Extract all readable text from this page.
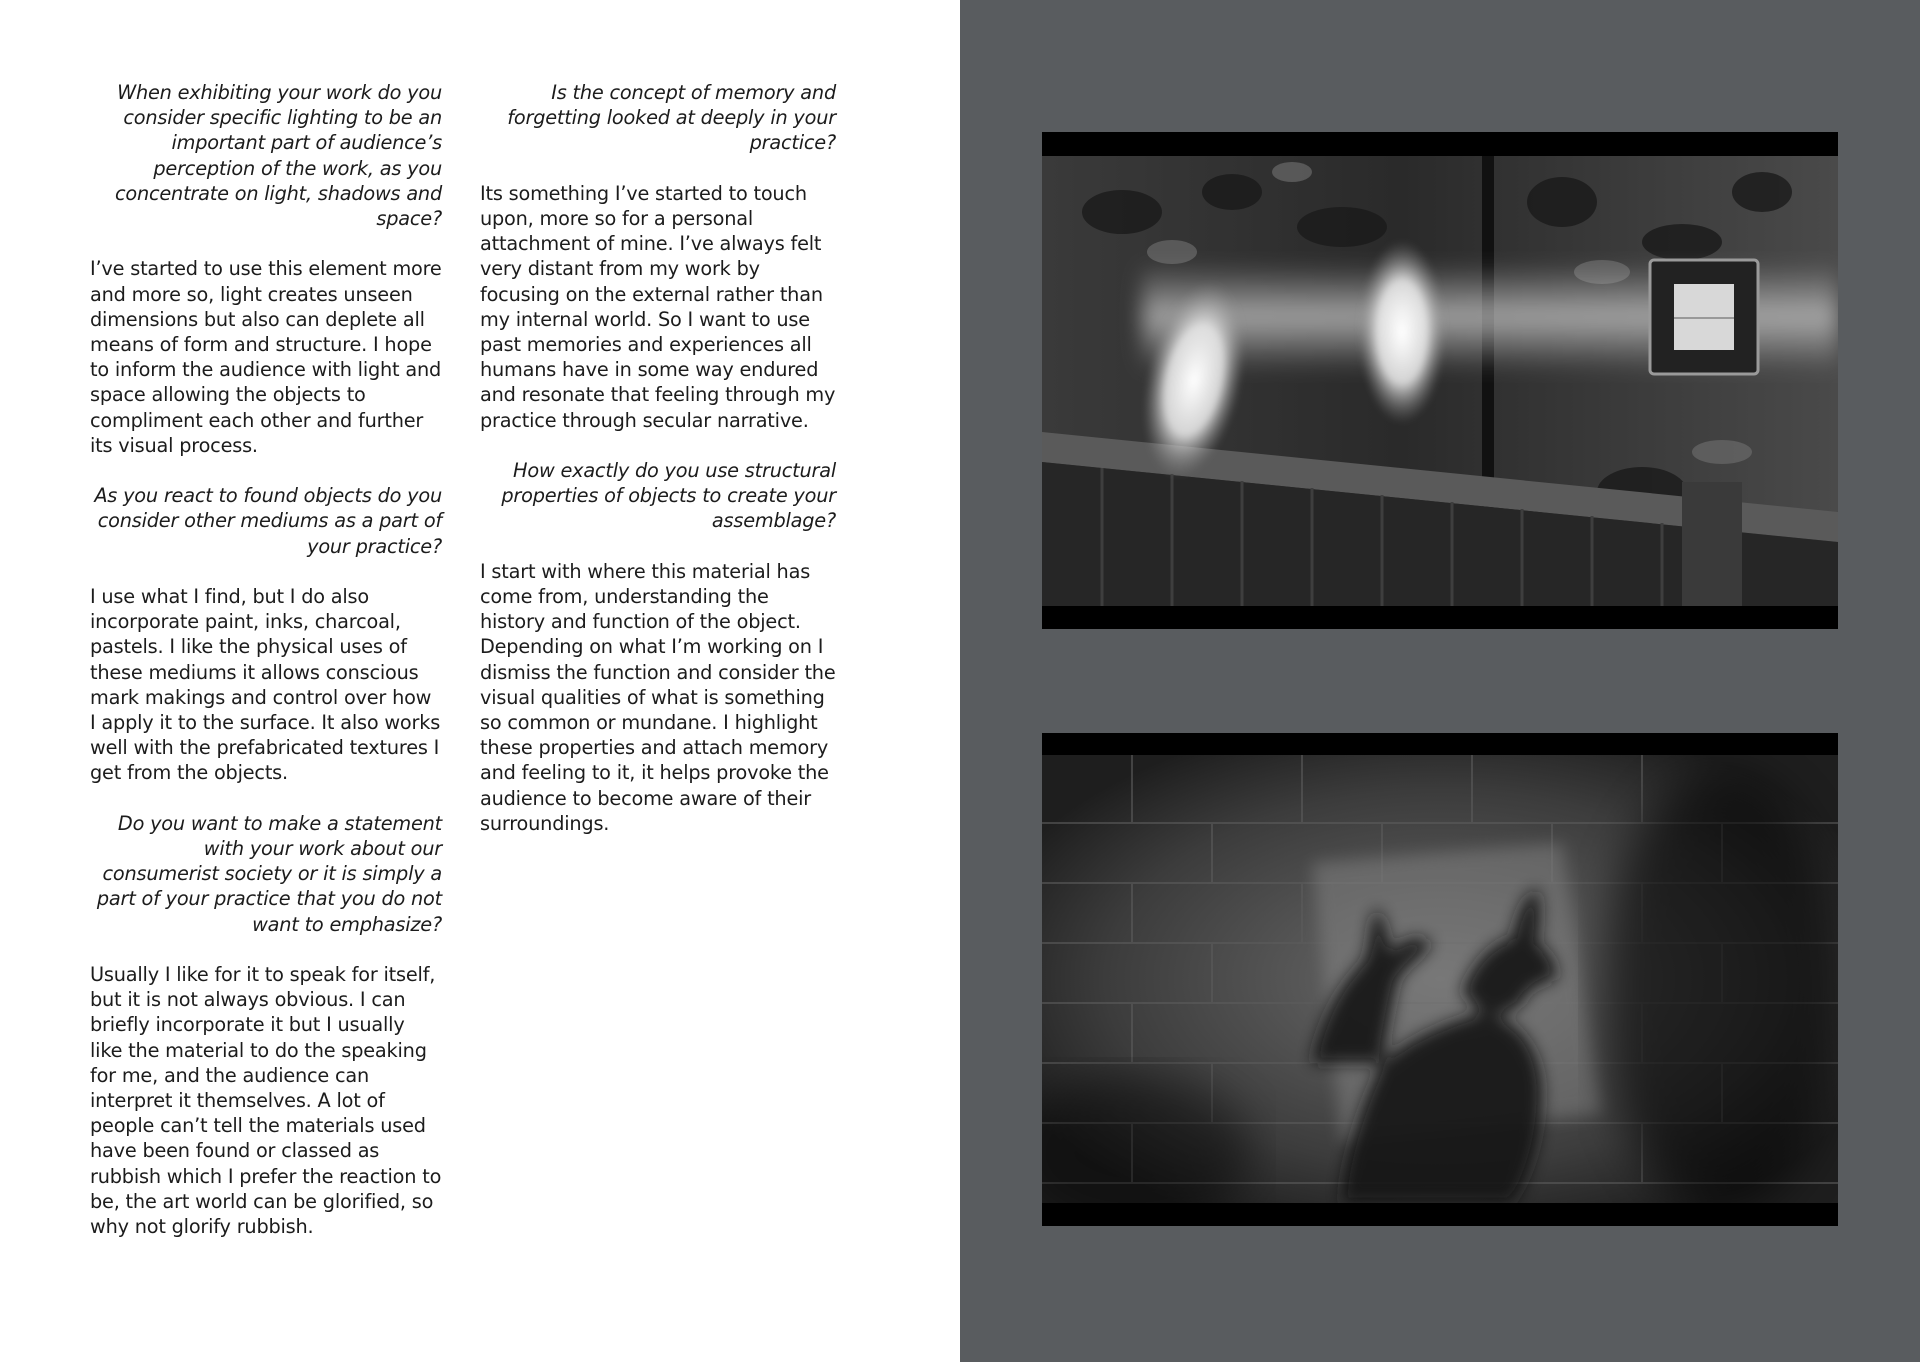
When exhibiting your work do you consider specific lighting to be an important part of audience’s perception of the work, as you concentrate on light, shadows and space?

I’ve started to use this element more and more so, light creates unseen dimensions but also can deplete all means of form and structure. I hope to inform the audience with light and space allowing the objects to compliment each other and further its visual process.

As you react to found objects do you consider other mediums as a part of your practice?

I use what I find, but I do also incorporate paint, inks, charcoal, pastels. I like the physical uses of these mediums it allows conscious mark makings and control over how I apply it to the surface. It also works well with the prefabricated textures I get from the objects.

Do you want to make a statement with your work about our consumerist society or it is simply a part of your practice that you do not want to emphasize?

Usually I like for it to speak for itself, but it is not always obvious. I can briefly incorporate it but I usually like the material to do the speaking for me, and the audience can interpret it themselves. A lot of people can’t tell the materials used have been found or classed as rubbish which I prefer the reaction to be, the art world can be glorified, so why not glorify rubbish.

Is the concept of memory and forgetting looked at deeply in your practice?

Its something I’ve started to touch upon, more so for a personal attachment of mine. I’ve always felt very distant from my work by focusing on the external rather than my internal world. So I want to use past memories and experiences all humans have in some way endured and resonate that feeling through my practice through secular narrative.

How exactly do you use structural properties of objects to create your assemblage?

I start with where this material has come from, understanding the history and function of the object. Depending on what I’m working on I dismiss the function and consider the visual qualities of what is something so common or mundane. I highlight these properties and attach memory and feeling to it, it helps provoke the audience to become aware of their surroundings.
